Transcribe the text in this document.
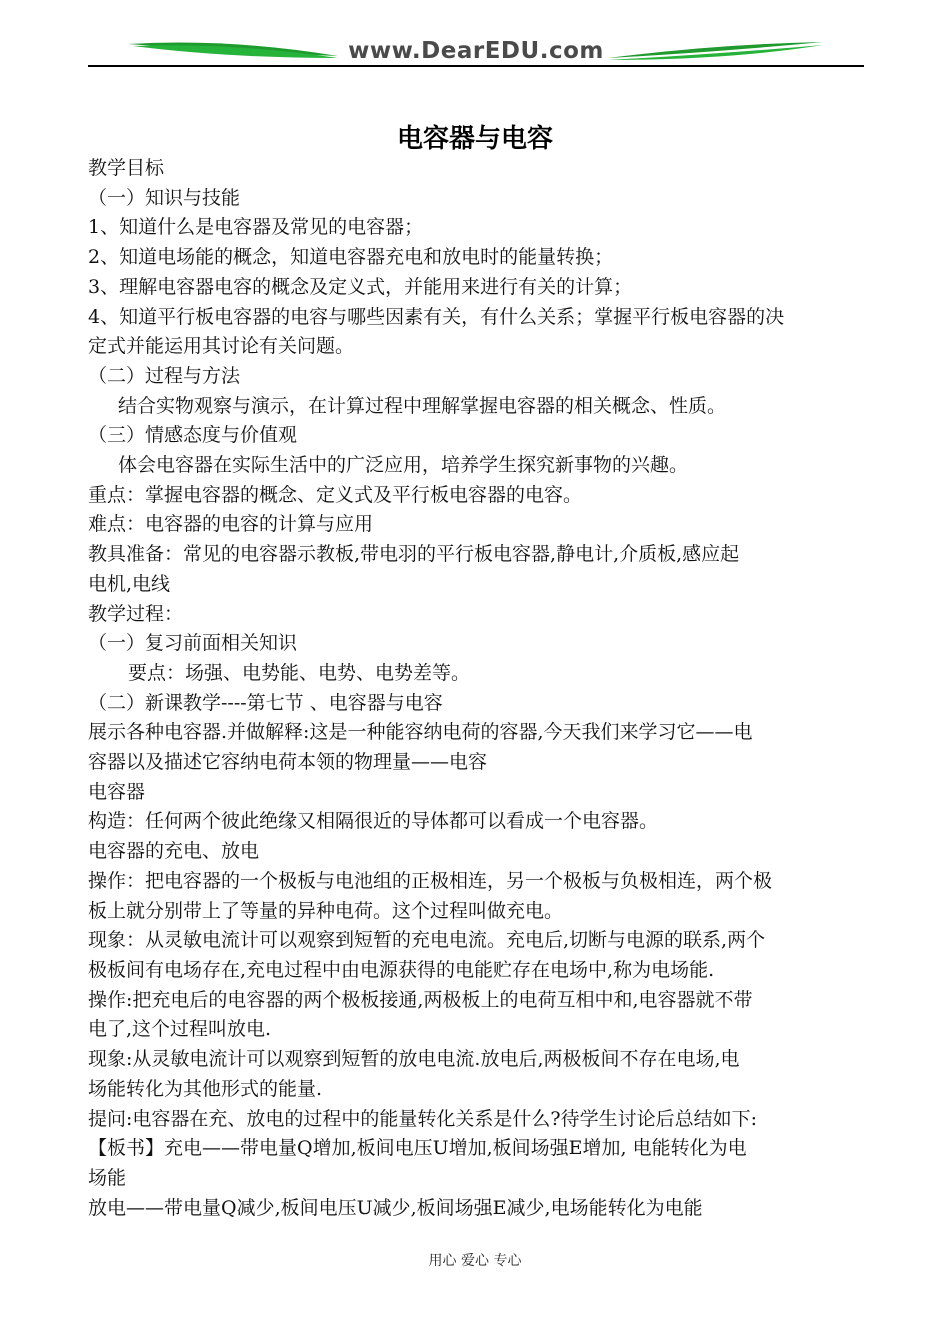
www.DearEDU.com
电容器与电容
教学目标
（一）知识与技能
1、知道什么是电容器及常见的电容器；
2、知道电场能的概念，知道电容器充电和放电时的能量转换；
3、理解电容器电容的概念及定义式，并能用来进行有关的计算；
4、知道平行板电容器的电容与哪些因素有关，有什么关系；掌握平行板电容器的决
定式并能运用其讨论有关问题。
（二）过程与方法
结合实物观察与演示，在计算过程中理解掌握电容器的相关概念、性质。
（三）情感态度与价值观
体会电容器在实际生活中的广泛应用，培养学生探究新事物的兴趣。
重点：掌握电容器的概念、定义式及平行板电容器的电容。
难点：电容器的电容的计算与应用
教具准备：常见的电容器示教板,带电羽的平行板电容器,静电计,介质板,感应起
电机,电线
教学过程：
（一）复习前面相关知识
要点：场强、电势能、电势、电势差等。
（二）新课教学----第七节 、电容器与电容
展示各种电容器.并做解释:这是一种能容纳电荷的容器,今天我们来学习它——电
容器以及描述它容纳电荷本领的物理量——电容
电容器
构造：任何两个彼此绝缘又相隔很近的导体都可以看成一个电容器。
电容器的充电、放电
操作：把电容器的一个极板与电池组的正极相连，另一个极板与负极相连，两个极
板上就分别带上了等量的异种电荷。这个过程叫做充电。
现象：从灵敏电流计可以观察到短暂的充电电流。充电后,切断与电源的联系,两个
极板间有电场存在,充电过程中由电源获得的电能贮存在电场中,称为电场能.
操作:把充电后的电容器的两个极板接通,两极板上的电荷互相中和,电容器就不带
电了,这个过程叫放电.
现象:从灵敏电流计可以观察到短暂的放电电流.放电后,两极板间不存在电场,电
场能转化为其他形式的能量.
提问:电容器在充、放电的过程中的能量转化关系是什么?待学生讨论后总结如下:
【板书】充电——带电量Q增加,板间电压U增加,板间场强E增加, 电能转化为电
场能
放电——带电量Q减少,板间电压U减少,板间场强E减少,电场能转化为电能
用心 爱心 专心
